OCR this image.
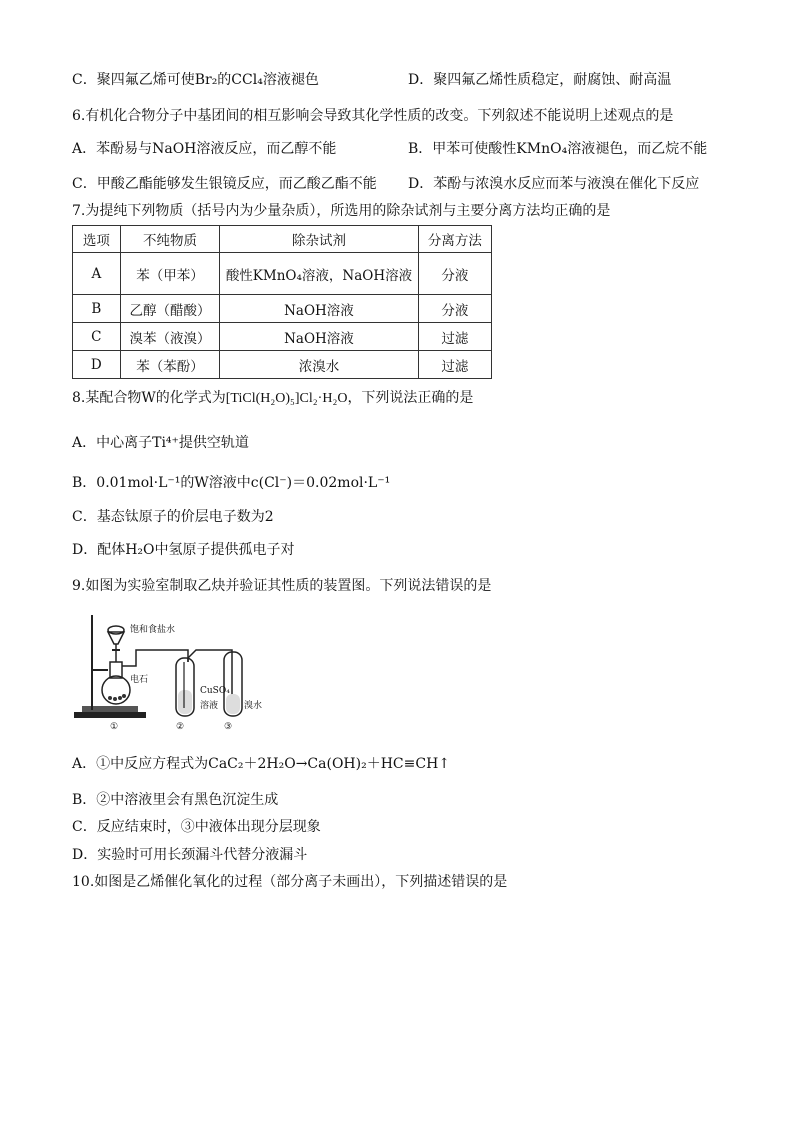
C．聚四氟乙烯可使Br₂的CCl₄溶液褪色	D．聚四氟乙烯性质稳定，耐腐蚀、耐高温
6.有机化合物分子中基团间的相互影响会导致其化学性质的改变。下列叙述不能说明上述观点的是
A．苯酚易与NaOH溶液反应，而乙醇不能	B．甲苯可使酸性KMnO₄溶液褪色，而乙烷不能
C．甲酸乙酯能够发生银镜反应，而乙酸乙酯不能 D．苯酚与浓溴水反应而苯与液溴在催化下反应
7.为提纯下列物质（括号内为少量杂质），所选用的除杂试剂与主要分离方法均正确的是
选项	不纯物质	除杂试剂	分离方法
A	苯（甲苯）	酸性KMnO₄溶液，NaOH溶液	分液
B	乙醇（醋酸）	NaOH溶液	分液
C	溴苯（液溴）	NaOH溶液	过滤
D	苯（苯酚）	浓溴水	过滤
8.某配合物W的化学式为[TiCl(H₂O)₅]Cl₂·H₂O，下列说法正确的是
A．中心离子Ti⁴⁺提供空轨道
B．0.01mol·L⁻¹的W溶液中c(Cl⁻)＝0.02mol·L⁻¹
C．基态钛原子的价层电子数为2
D．配体H₂O中氢原子提供孤电子对
9.如图为实验室制取乙炔并验证其性质的装置图。下列说法错误的是
饱和食盐水
电石
CuSO₄
溶液	溴水
①	②	③
A．①中反应方程式为CaC₂＋2H₂O→Ca(OH)₂＋HC≡CH↑
B．②中溶液里会有黑色沉淀生成
C．反应结束时，③中液体出现分层现象
D．实验时可用长颈漏斗代替分液漏斗
10.如图是乙烯催化氧化的过程（部分离子未画出），下列描述错误的是
